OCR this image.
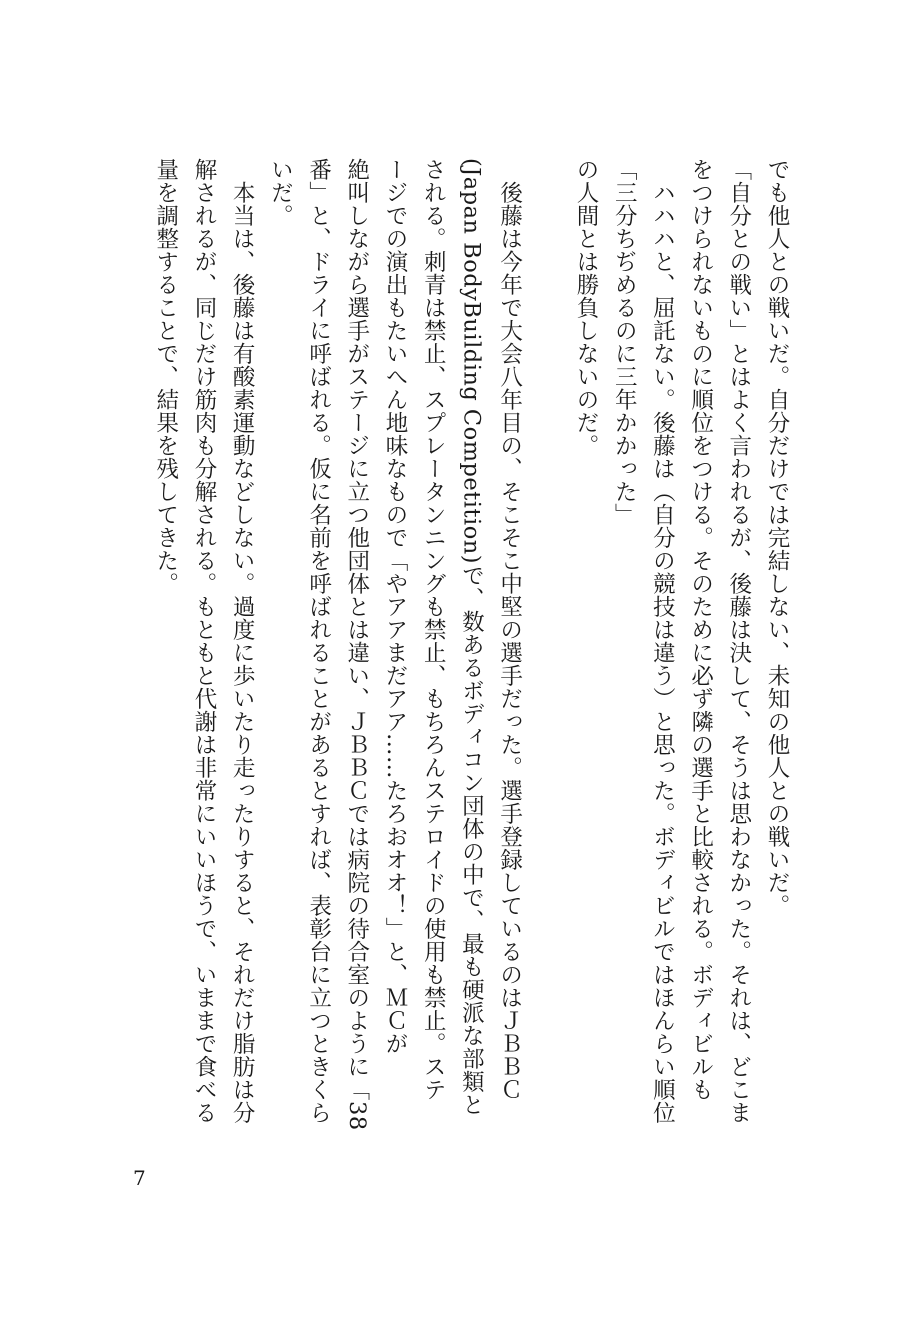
でも他人との戦いだ。自分だけでは完結しない、未知の他人との戦いだ。

「自分との戦い」とはよく言われるが、後藤は決して、そうは思わなかった。それは、どこま

をつけられないものに順位をつける。そのために必ず隣の選手と比較される。ボディビルも

　ハハハと、屈託ない。後藤は（自分の競技は違う）と思った。ボディビルではほんらい順位

「三分ちぢめるのに三年かかった」

の人間とは勝負しないのだ。

　後藤は今年で大会八年目の、そこそこ中堅の選手だった。選手登録しているのはＪＢＢＣ

(Japan BodyBuilding Competition)で、数あるボディコン団体の中で、最も硬派な部類と

される。刺青は禁止、スプレータンニングも禁止、もちろんステロイドの使用も禁止。ステ

ージでの演出もたいへん地味なもので「やアアまだアア……たろおオオ！」と、ＭＣが

絶叫しながら選手がステージに立つ他団体とは違い、ＪＢＢＣでは病院の待合室のように「38

番」と、ドライに呼ばれる。仮に名前を呼ばれることがあるとすれば、表彰台に立つときくら

いだ。

　本当は、後藤は有酸素運動などしない。過度に歩いたり走ったりすると、それだけ脂肪は分

解されるが、同じだけ筋肉も分解される。もともと代謝は非常にいいほうで、いままで食べる

量を調整することで、結果を残してきた。

7
